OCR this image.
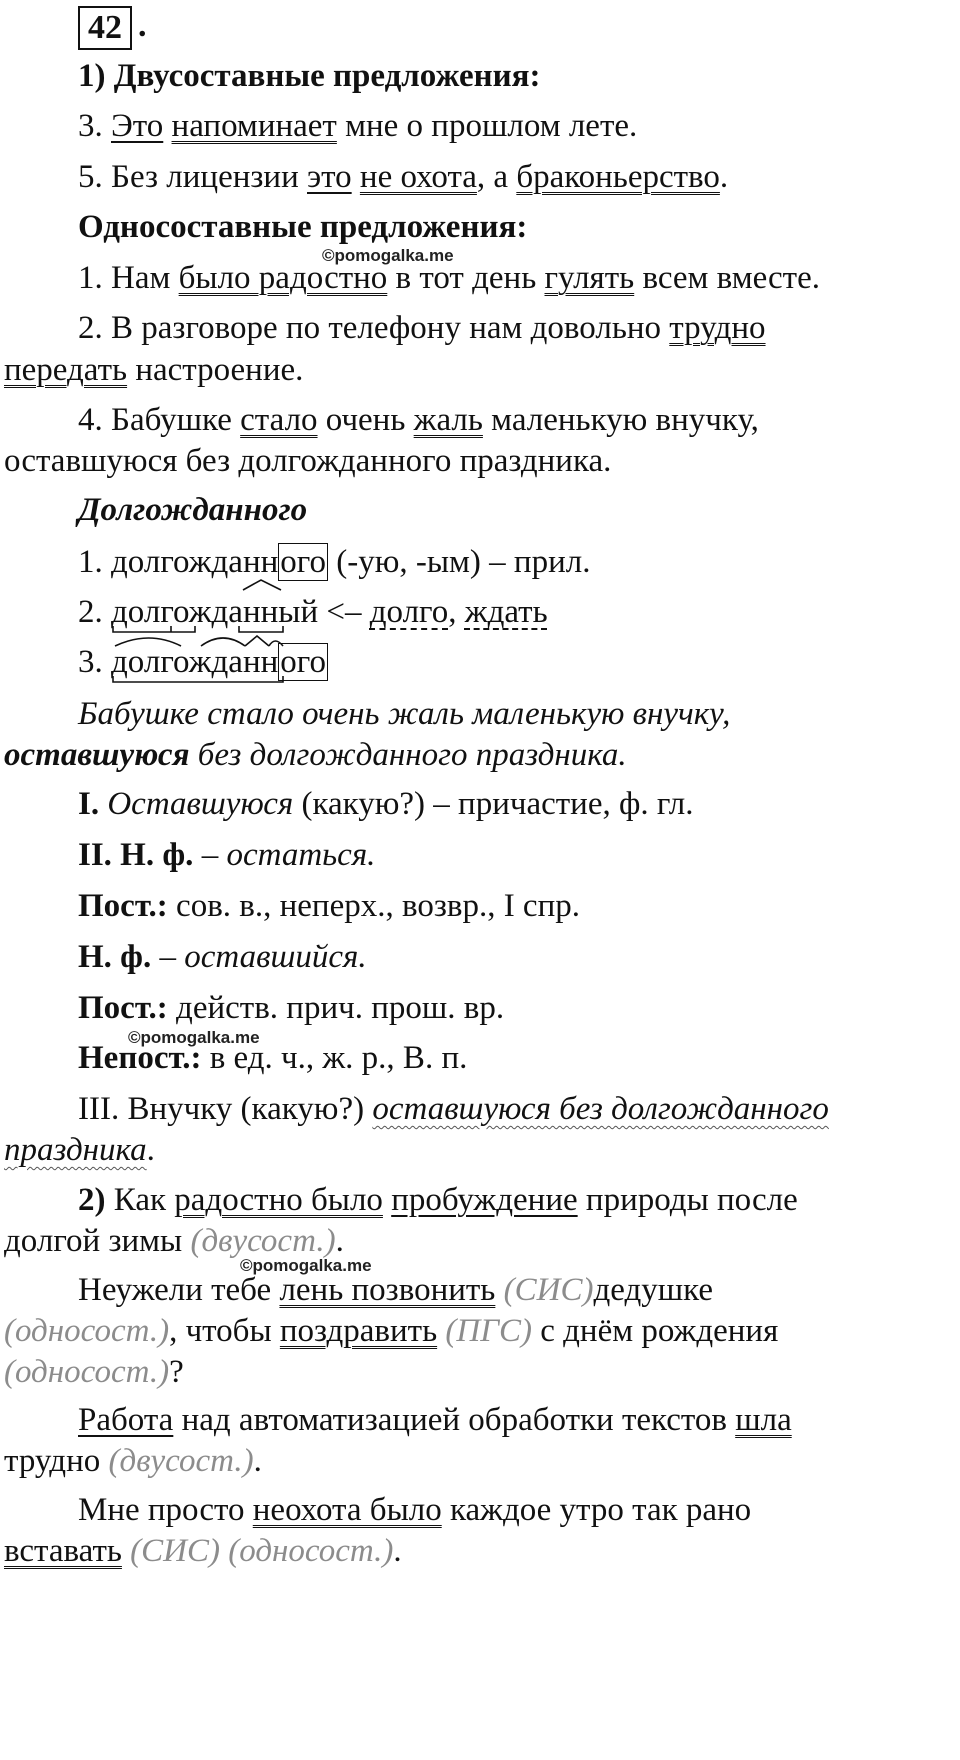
42 .
1) Двусоставные предложения:
3. Это напоминает мне о прошлом лете.
5. Без лицензии это не охота, а браконьерство.
Односоставные предложения:
©pomogalka.me
1. Нам было радостно в тот день гулять всем вместе.
2. В разговоре по телефону нам довольно трудно
передать настроение.
4. Бабушке стало очень жаль маленькую внучку,
оставшуюся без долгожданного праздника.
Долгожданного
1. долгожданного (-ую, -ым) – прил.
2. долгожданный <– долго, ждать
3. долгожданного
Бабушке стало очень жаль маленькую внучку,
оставшуюся без долгожданного праздника.
I. Оставшуюся (какую?) – причастие, ф. гл.
II. Н. ф. – остаться.
Пост.: сов. в., неперх., возвр., I спр.
Н. ф. – оставшийся.
Пост.: действ. прич. прош. вр.
©pomogalka.me
Непост.: в ед. ч., ж. р., В. п.
III. Внучку (какую?) оставшуюся без долгожданного
праздника.
2) Как радостно было пробуждение природы после
долгой зимы (двусост.).
©pomogalka.me
Неужели тебе лень позвонить (СИС)дедушке
(односост.), чтобы поздравить (ПГС) с днём рождения
(односост.)?
Работа над автоматизацией обработки текстов шла
трудно (двусост.).
Мне просто неохота было каждое утро так рано
вставать (СИС) (односост.).
